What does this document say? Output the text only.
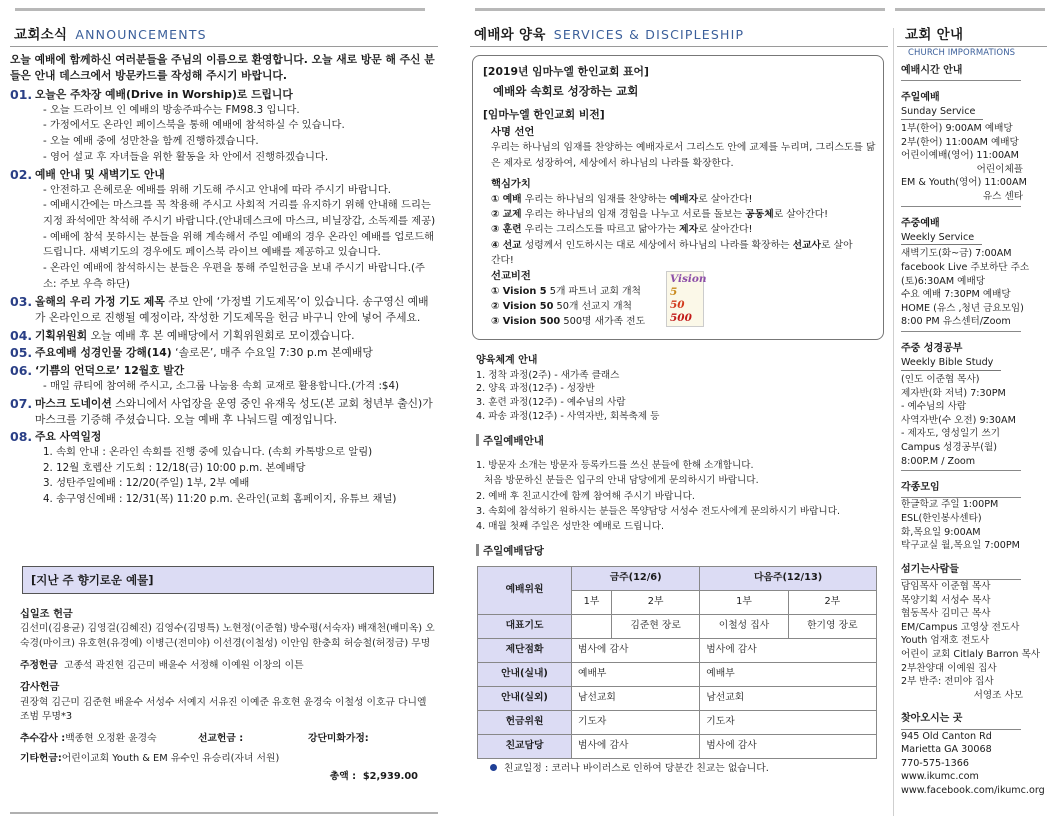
교회소식 ANNOUNCEMENTS
오늘 예배에 함께하신 여러분들을 주님의 이름으로 환영합니다. 오늘 새로 방문 해 주신 분들은 안내 데스크에서 방문카드를 작성해 주시기 바랍니다.
01. 오늘은 주차장 예배(Drive in Worship)로 드립니다
- 오늘 드라이브 인 예배의 방송주파수는 FM98.3 입니다.
- 가정에서도 온라인 페이스북을 통해 예배에 참석하실 수 있습니다.
- 오늘 예배 중에 성만찬을 함께 진행하겠습니다.
- 영어 설교 후 자녀들을 위한 활동을 차 안에서 진행하겠습니다.
02. 예배 안내 및 새벽기도 안내
- 안전하고 은혜로운 예배를 위해 기도해 주시고 안내에 따라 주시기 바랍니다.
- 예배시간에는 마스크를 꼭 착용해 주시고 사회적 거리를 유지하기 위해 안내해 드리는 지정 좌석에만 착석해 주시기 바랍니다.(안내데스크에 마스크, 비닐장갑, 소독제를 제공)
- 예배에 참석 못하시는 분들을 위해 계속해서 주일 예배의 경우 온라인 예배를 업로드해 드립니다. 새벽기도의 경우에도 페이스북 라이브 예배를 제공하고 있습니다.
- 온라인 예배에 참석하시는 분들은 우편을 통해 주일헌금을 보내 주시기 바랍니다.(주소: 주보 우측 하단)
03. 올해의 우리 가정 기도 제목 주보 안에 ‘가정별 기도제목’이 있습니다. 송구영신 예배가 온라인으로 진행될 예정이라, 작성한 기도제목을 헌금 바구니 안에 넣어 주세요.
04. 기획위원회 오늘 예배 후 본 예배당에서 기획위원회로 모이겠습니다.
05. 주요예배 성경인물 강해(14) ‘솔로몬’, 매주 수요일 7:30 p.m 본예배당
06. ‘기쁨의 언덕으로’ 12월호 발간
- 매일 큐티에 참여해 주시고, 소그룹 나눔용 속회 교재로 활용합니다.(가격 :$4)
07. 마스크 도네이션 스와니에서 사업장을 운영 중인 유재욱 성도(본 교회 청년부 출신)가 마스크를 기증해 주셨습니다. 오늘 예배 후 나눠드릴 예정입니다.
08. 주요 사역일정
1. 속회 안내 : 온라인 속회를 진행 중에 있습니다. (속회 카톡방으로 알림)
2. 12월 호렙산 기도회 : 12/18(금) 10:00 p.m. 본예배당
3. 성탄주일예배 : 12/20(주일) 1부, 2부 예배
4. 송구영신예배 : 12/31(목) 11:20 p.m. 온라인(교회 홈페이지, 유튜브 채널)
[지난 주 향기로운 예물]
십일조 헌금
김선미(김용균) 김영걸(김혜진) 김영수(김명특) 노현정(이준협) 방수평(서숙자) 배재천(배미옥) 오숙경(마이크) 유호현(유경예) 이병근(전미야) 이선경(이철성) 이안임 한충희 허승철(허정금) 무명
주정헌금 고종석 곽진현 김근미 배윤수 서정해 이예원 이창의 이튼
감사헌금
권장혁 김근미 김준현 배윤수 서성수 서예지 서유진 이예준 유호현 윤경숙 이철성 이호규 다니엘 조범 무명*3
추수감사 :백종현 오정환 윤경숙	선교헌금 :	강단미화가정:
기타헌금:어린이교회 Youth & EM 유수인 유승리(자녀 서원)
총액 : $2,939.00
예배와 양육 SERVICES & DISCIPLESHIP
[2019년 임마누엘 한인교회 표어]
예배와 속회로 성장하는 교회
[임마누엘 한인교회 비전]
사명 선언
우리는 하나님의 임재를 찬양하는 예배자로서 그리스도 안에 교제를 누리며, 그리스도를 닮은 제자로 성장하여, 세상에서 하나님의 나라를 확장한다.
핵심가치
① 예배 우리는 하나님의 임재를 찬양하는 예배자로 살아간다!
② 교제 우리는 하나님의 임재 경험을 나누고 서로를 돌보는 공동체로 살아간다!
③ 훈련 우리는 그리스도를 따르고 닮아가는 제자로 살아간다!
④ 선교 성령께서 인도하시는 대로 세상에서 하나님의 나라를 확장하는 선교사로 살아간다!
선교비전
① Vision 5 5개 파트너 교회 개척
② Vision 50 50개 선교지 개척
③ Vision 500 500명 새가족 전도
Vision
5
50
500
양육체계 안내
1. 정착 과정(2주) - 새가족 클래스
2. 양육 과정(12주) - 성장반
3. 훈련 과정(12주) - 예수님의 사람
4. 파송 과정(12주) - 사역자반, 회복축제 등
주일예배안내
1. 방문자 소개는 방문자 등록카드를 쓰신 분들에 한해 소개합니다.
처음 방문하신 분들은 입구의 안내 담당에게 문의하시기 바랍니다.
2. 예배 후 친교시간에 함께 참여해 주시기 바랍니다.
3. 속회에 참석하기 원하시는 분들은 목양담당 서성수 전도사에게 문의하시기 바랍니다.
4. 매월 첫째 주일은 성만찬 예배로 드립니다.
주일예배담당
예배위원	금주(12/6)		다음주(12/13)	
	1부	2부	1부	2부
대표기도		김준현 장로	이철성 집사	한기영 장로
제단점화	범사에 감사		범사에 감사	
안내(실내)	예배부		예배부	
안내(실외)	남선교회		남선교회	
헌금위원	기도자		기도자	
친교담당	범사에 감사		범사에 감사	
친교일정 : 코러나 바이러스로 인하여 당분간 친교는 없습니다.
교회 안내
CHURCH IMPORMATIONS
예배시간 안내
주일예배
Sunday Service
1부(한어) 9:00AM 예배당
2부(한어) 11:00AM 예배당
어린이예배(영어) 11:00AM
어린이체플
EM & Youth(영어) 11:00AM
유스 센타
주중예배
Weekly Service
새벽기도(화~금) 7:00AM
facebook Live 주보하단 주소
(토)6:30AM 예배당
수요 예배 7:30PM 예배당
HOME (유스 ,청년 금요모임)
8:00 PM 유스센터/Zoom
주중 성경공부
Weekly Bible Study
(인도 이준협 목사)
제자반(화 저녁) 7:30PM
- 예수님의 사람
사역자반(수 오전) 9:30AM
- 제자도, 영성일기 쓰기
Campus 성경공부(월)
8:00P.M / Zoom
각종모임
한글학교 주일 1:00PM
ESL(한인봉사센타)
화,목요일 9:00AM
탁구교실 월,목요일 7:00PM
섬기는사람들
담임목사 이준협 목사
목양기획 서성수 목사
협동목사 김미근 목사
EM/Campus 고영상 전도사
Youth 엄재호 전도사
어린이 교회 Citlaly Barron 목사
2부찬양대 이예원 집사
2부 반주: 전미야 집사
서영조 사모
찾아오시는 곳
945 Old Canton Rd
Marietta GA 30068
770-575-1366
www.ikumc.com
www.facebook.com/ikumc.org
